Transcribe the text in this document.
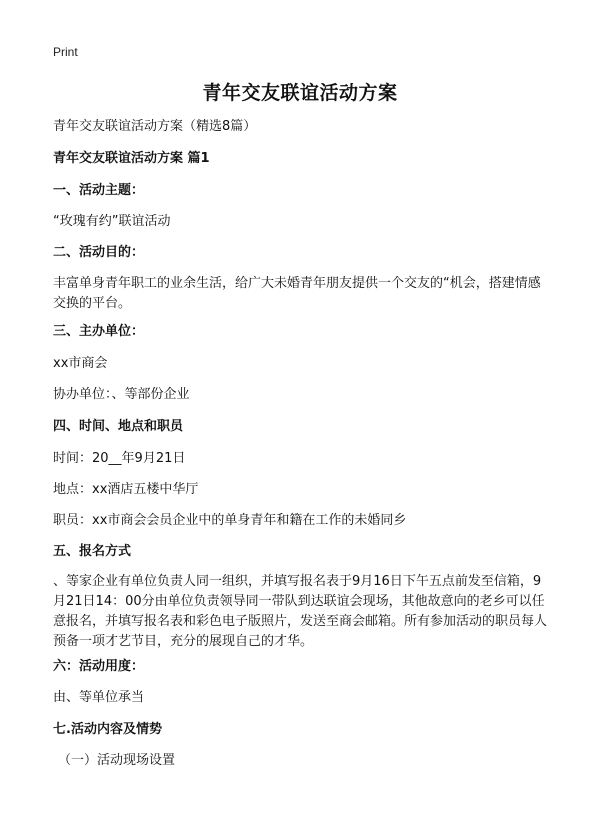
Print
青年交友联谊活动方案
青年交友联谊活动方案（精选8篇）
青年交友联谊活动方案 篇1
一、活动主题：
“玫瑰有约”联谊活动
二、活动目的：
丰富单身青年职工的业余生活，给广大未婚青年朋友提供一个交友的“机会，搭建情感交换的平台。
三、主办单位：
xx市商会
协办单位：、等部份企业
四、时间、地点和职员
时间：20__年9月21日
地点：xx酒店五楼中华厅
职员：xx市商会会员企业中的单身青年和籍在工作的未婚同乡
五、报名方式
、等家企业有单位负责人同一组织，并填写报名表于9月16日下午五点前发至信箱，9月21日14：00分由单位负责领导同一带队到达联谊会现场，其他故意向的老乡可以任意报名，并填写报名表和彩色电子版照片，发送至商会邮箱。所有参加活动的职员每人预备一项才艺节目，充分的展现自己的才华。
六：活动用度：
由、等单位承当
七.活动内容及情势
（一）活动现场设置
